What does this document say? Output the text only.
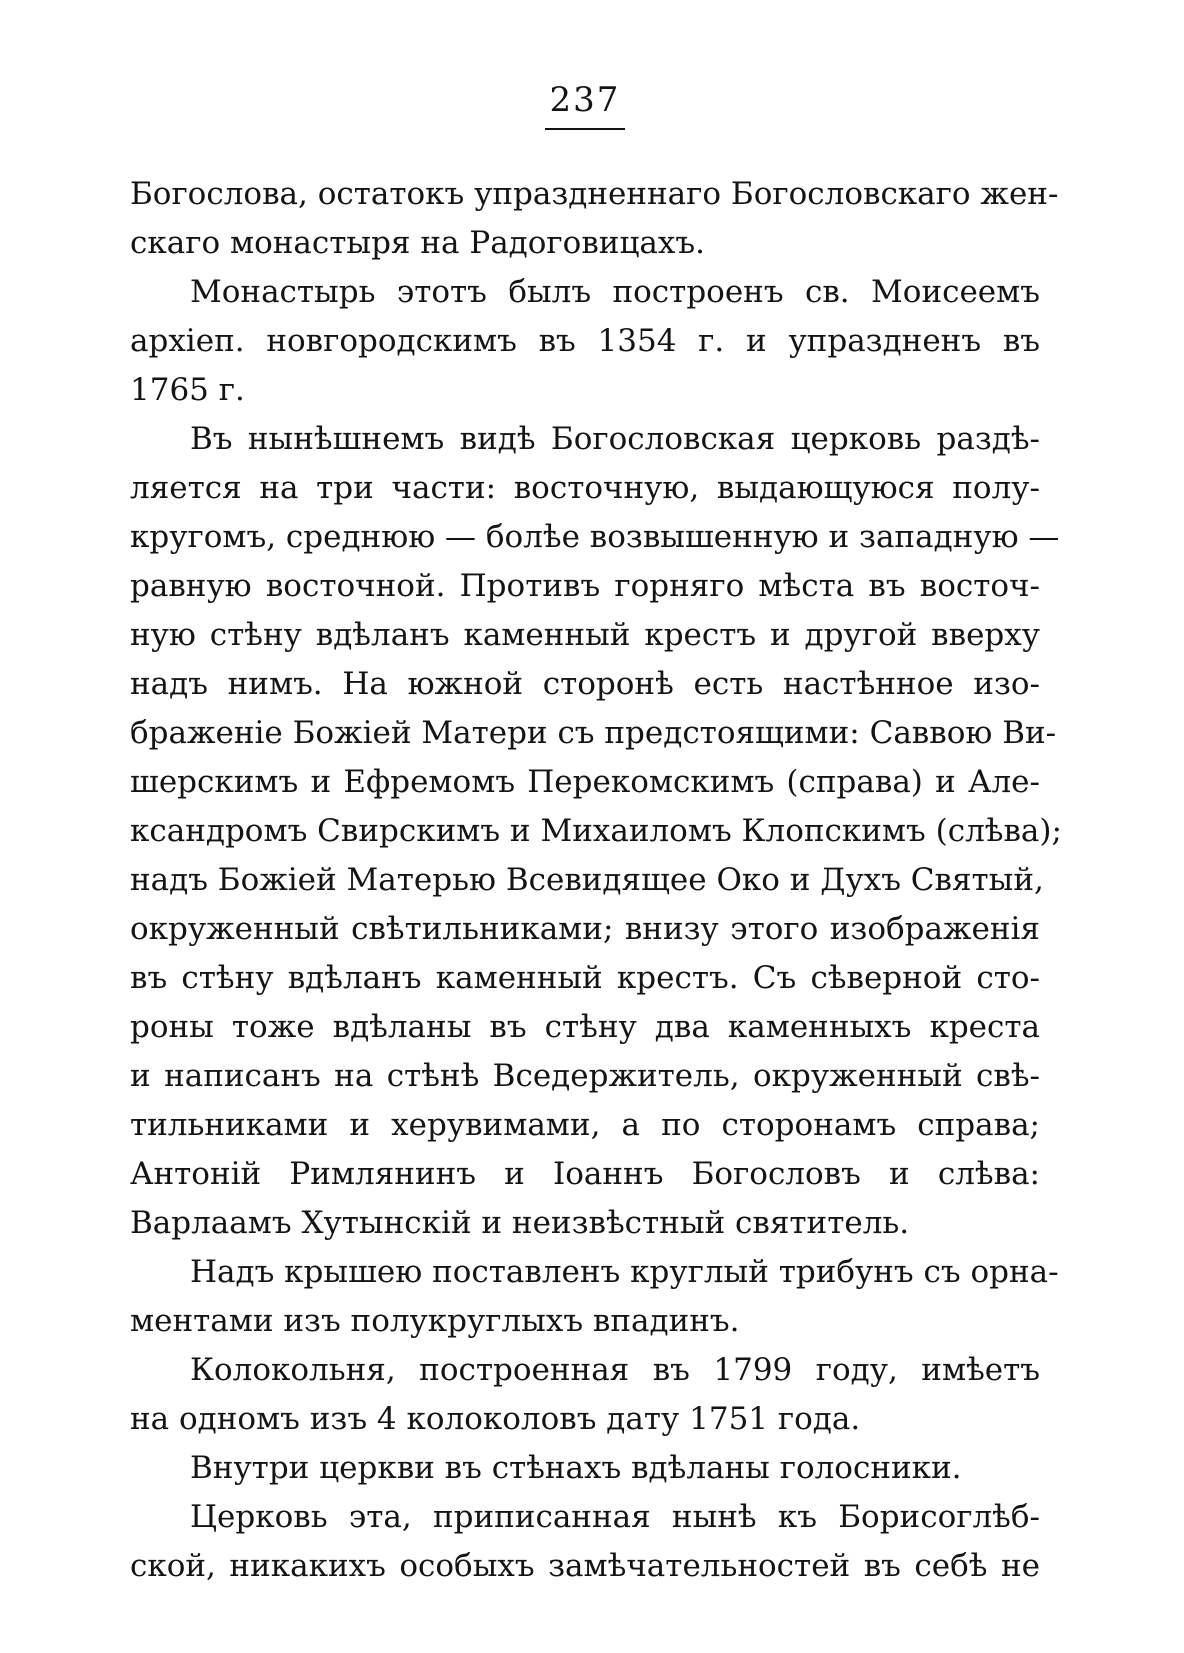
237
Богослова, остатокъ упраздненнаго Богословскаго жен-
скаго монастыря на Радоговицахъ.
Монастырь этотъ былъ построенъ св. Моисеемъ
архіеп. новгородскимъ въ 1354 г. и упраздненъ въ
1765 г.
Въ нынѣшнемъ видѣ Богословская церковь раздѣ-
ляется на три части: восточную, выдающуюся полу-
кругомъ, среднюю — болѣе возвышенную и западную —
равную восточной. Противъ горняго мѣста въ восточ-
ную стѣну вдѣланъ каменный крестъ и другой вверху
надъ нимъ. На южной сторонѣ есть настѣнное изо-
браженіе Божіей Матери съ предстоящими: Саввою Ви-
шерскимъ и Ефремомъ Перекомскимъ (справа) и Але-
ксандромъ Свирскимъ и Михаиломъ Клопскимъ (слѣва);
надъ Божіей Матерью Всевидящее Око и Духъ Святый,
окруженный свѣтильниками; внизу этого изображенія
въ стѣну вдѣланъ каменный крестъ. Съ сѣверной сто-
роны тоже вдѣланы въ стѣну два каменныхъ креста
и написанъ на стѣнѣ Вседержитель, окруженный свѣ-
тильниками и херувимами, а по сторонамъ справа;
Антоній Римлянинъ и Іоаннъ Богословъ и слѣва:
Варлаамъ Хутынскій и неизвѣстный святитель.
Надъ крышею поставленъ круглый трибунъ съ орна-
ментами изъ полукруглыхъ впадинъ.
Колокольня, построенная въ 1799 году, имѣетъ
на одномъ изъ 4 колоколовъ дату 1751 года.
Внутри церкви въ стѣнахъ вдѣланы голосники.
Церковь эта, приписанная нынѣ къ Борисоглѣб-
ской, никакихъ особыхъ замѣчательностей въ себѣ не
